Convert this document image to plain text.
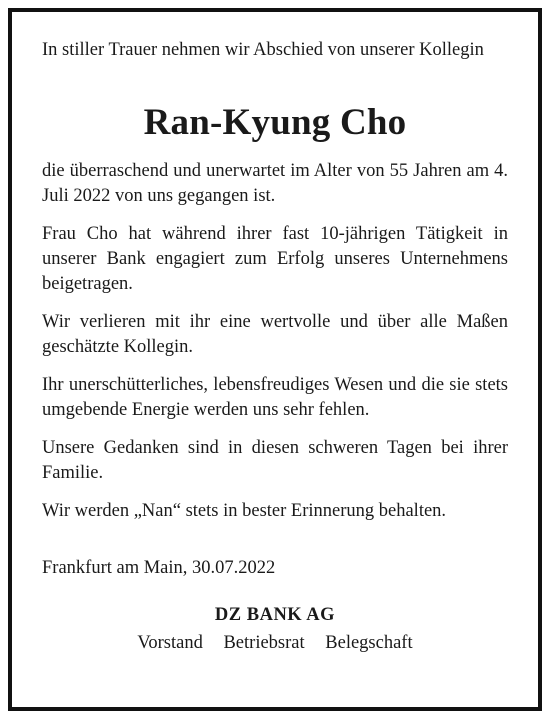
In stiller Trauer nehmen wir Abschied von unserer Kollegin

Ran-Kyung Cho

die überraschend und unerwartet im Alter von 55 Jahren am 4. Juli 2022 von uns gegangen ist.

Frau Cho hat während ihrer fast 10-jährigen Tätigkeit in unserer Bank engagiert zum Erfolg unseres Unternehmens beigetragen.

Wir verlieren mit ihr eine wertvolle und über alle Maßen geschätzte Kollegin.

Ihr unerschütterliches, lebensfreudiges Wesen und die sie stets umgebende Energie werden uns sehr fehlen.

Unsere Gedanken sind in diesen schweren Tagen bei ihrer Familie.

Wir werden „Nan“ stets in bester Erinnerung behalten.

Frankfurt am Main, 30.07.2022

DZ BANK AG
Vorstand Betriebsrat Belegschaft
